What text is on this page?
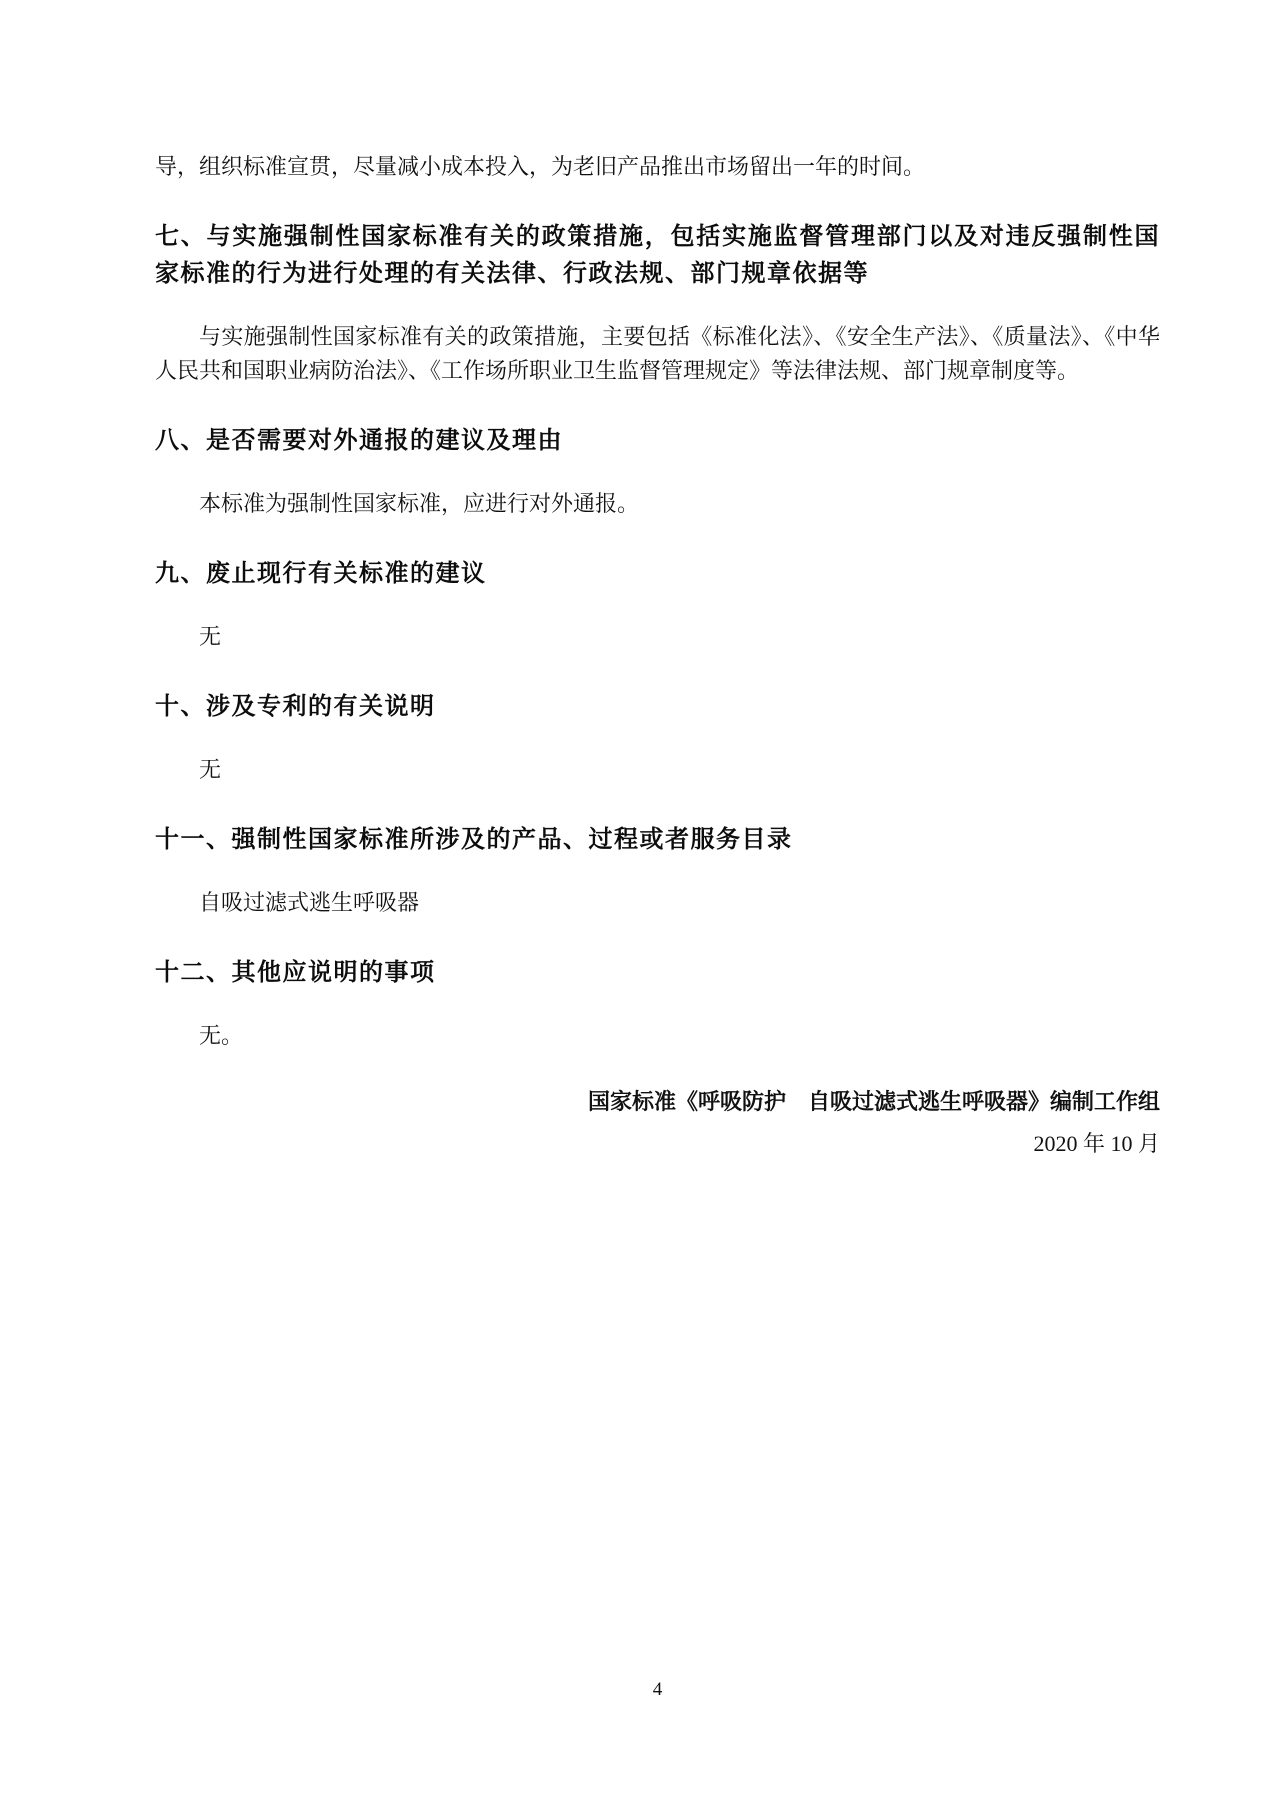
导，组织标准宣贯，尽量减小成本投入，为老旧产品推出市场留出一年的时间。

七、与实施强制性国家标准有关的政策措施，包括实施监督管理部门以及对违反强制性国家标准的行为进行处理的有关法律、行政法规、部门规章依据等

与实施强制性国家标准有关的政策措施，主要包括《标准化法》、《安全生产法》、《质量法》、《中华人民共和国职业病防治法》、《工作场所职业卫生监督管理规定》等法律法规、部门规章制度等。

八、是否需要对外通报的建议及理由

本标准为强制性国家标准，应进行对外通报。

九、废止现行有关标准的建议

无

十、涉及专利的有关说明

无

十一、强制性国家标准所涉及的产品、过程或者服务目录

自吸过滤式逃生呼吸器

十二、其他应说明的事项

无。

国家标准《呼吸防护　自吸过滤式逃生呼吸器》编制工作组

2020 年 10 月

4
